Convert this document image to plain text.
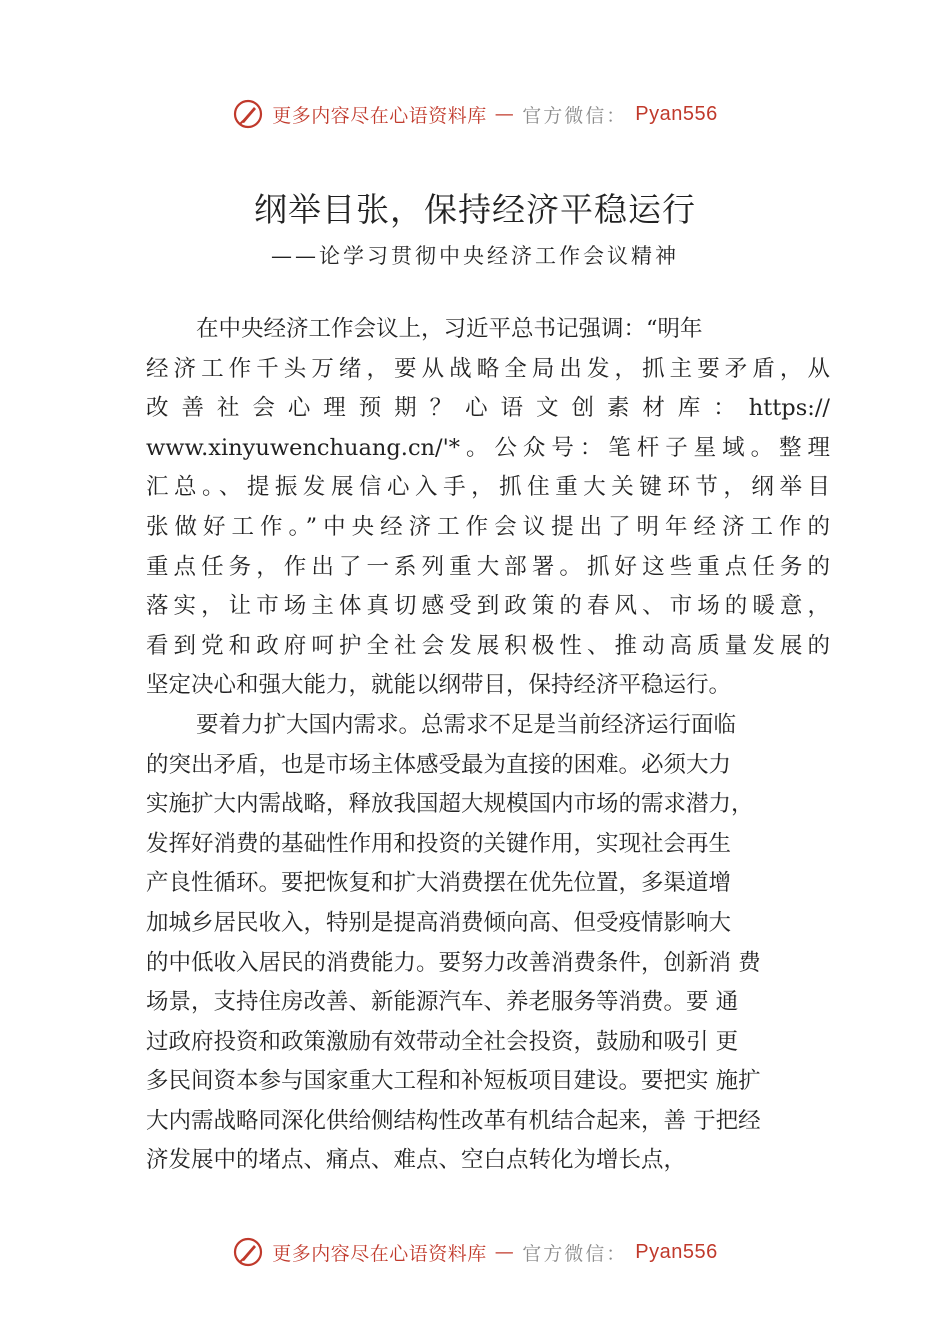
更多内容尽在心语资料库 — 官方微信： Pyan556
纲举目张，保持经济平稳运行
——论学习贯彻中央经济工作会议精神
在中央经济工作会议上，习近平总书记强调：“明年
经济工作千头万绪，要从战略全局出发，抓主要矛盾，从
改善社会心理预期？心语文创素材库：https://
www.xinyuwenchuang.cn/'*。公众号：笔杆子星域。整理
汇总。、提振发展信心入手，抓住重大关键环节，纲举目
张做好工作。”中央经济工作会议提出了明年经济工作的
重点任务，作出了一系列重大部署。抓好这些重点任务的
落实，让市场主体真切感受到政策的春风、市场的暖意，
看到党和政府呵护全社会发展积极性、推动高质量发展的
坚定决心和强大能力，就能以纲带目，保持经济平稳运行。
要着力扩大国内需求。总需求不足是当前经济运行面临
的突出矛盾，也是市场主体感受最为直接的困难。必须大力
实施扩大内需战略，释放我国超大规模国内市场的需求潜力，
发挥好消费的基础性作用和投资的关键作用，实现社会再生
产良性循环。要把恢复和扩大消费摆在优先位置，多渠道增
加城乡居民收入，特别是提高消费倾向高、但受疫情影响大
的中低收入居民的消费能力。要努力改善消费条件，创新消 费
场景，支持住房改善、新能源汽车、养老服务等消费。要 通
过政府投资和政策激励有效带动全社会投资，鼓励和吸引 更
多民间资本参与国家重大工程和补短板项目建设。要把实 施扩
大内需战略同深化供给侧结构性改革有机结合起来，善 于把经
济发展中的堵点、痛点、难点、空白点转化为增长点，
更多内容尽在心语资料库 — 官方微信： Pyan556
